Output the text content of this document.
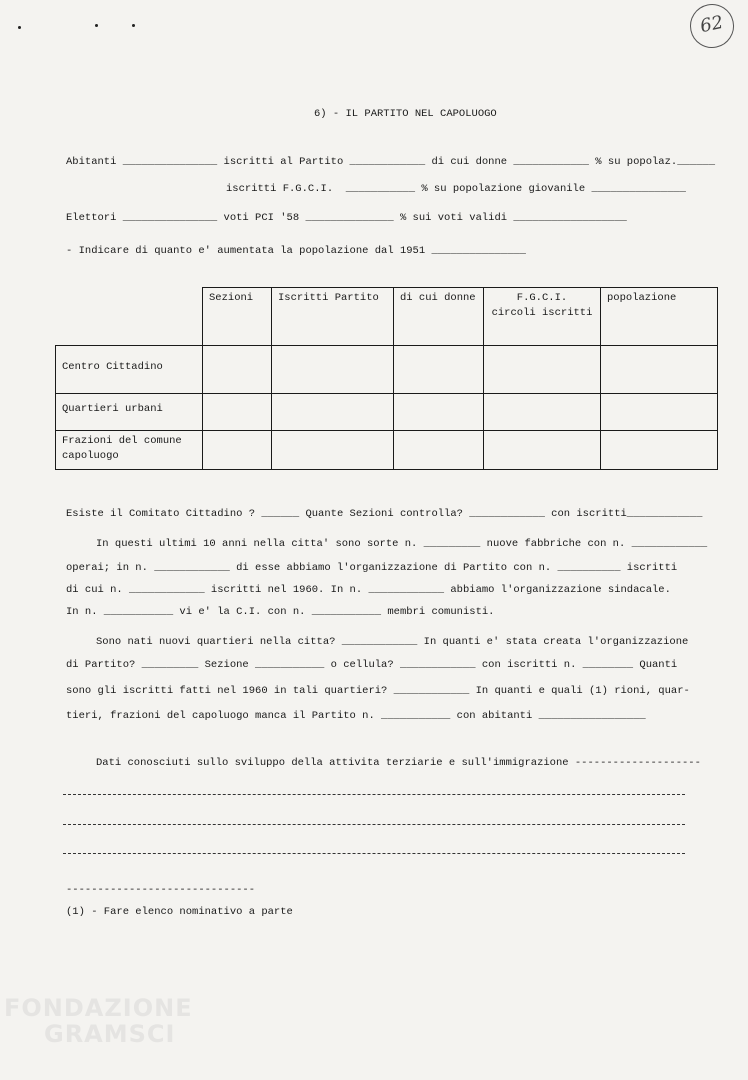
62
6) - IL PARTITO NEL CAPOLUOGO
Abitanti _______________ iscritti al Partito ____________ di cui donne ____________ % su popolaz.______
iscritti F.G.C.I.  ___________ % su popolazione giovanile _______________
Elettori _______________ voti PCI '58 ______________ % sui voti validi __________________
- Indicare di quanto e' aumentata la popolazione dal 1951 _______________
	Sezioni	Iscritti Partito	di cui donne	F.G.C.I.
circoli iscritti	popolazione
Centro Cittadino					
Quartieri urbani					
Frazioni del comune capoluogo					
Esiste il Comitato Cittadino ? ______ Quante Sezioni controlla? ____________ con iscritti____________
In questi ultimi 10 anni nella citta' sono sorte n. _________ nuove fabbriche con n. ____________
operai; in n. ____________ di esse abbiamo l'organizzazione di Partito con n. __________ iscritti
di cui n. ____________ iscritti nel 1960. In n. ____________ abbiamo l'organizzazione sindacale.
In n. ___________ vi e' la C.I. con n. ___________ membri comunisti.
Sono nati nuovi quartieri nella citta? ____________ In quanti e' stata creata l'organizzazione
di Partito? _________ Sezione ___________ o cellula? ____________ con iscritti n. ________ Quanti
sono gli iscritti fatti nel 1960 in tali quartieri? ____________ In quanti e quali (1) rioni, quar-
tieri, frazioni del capoluogo manca il Partito n. ___________ con abitanti _________________
Dati conosciuti sullo sviluppo della attivita terziarie e sull'immigrazione --------------------
------------------------------
(1) - Fare elenco nominativo a parte
FONDAZIONE
GRAMSCI
